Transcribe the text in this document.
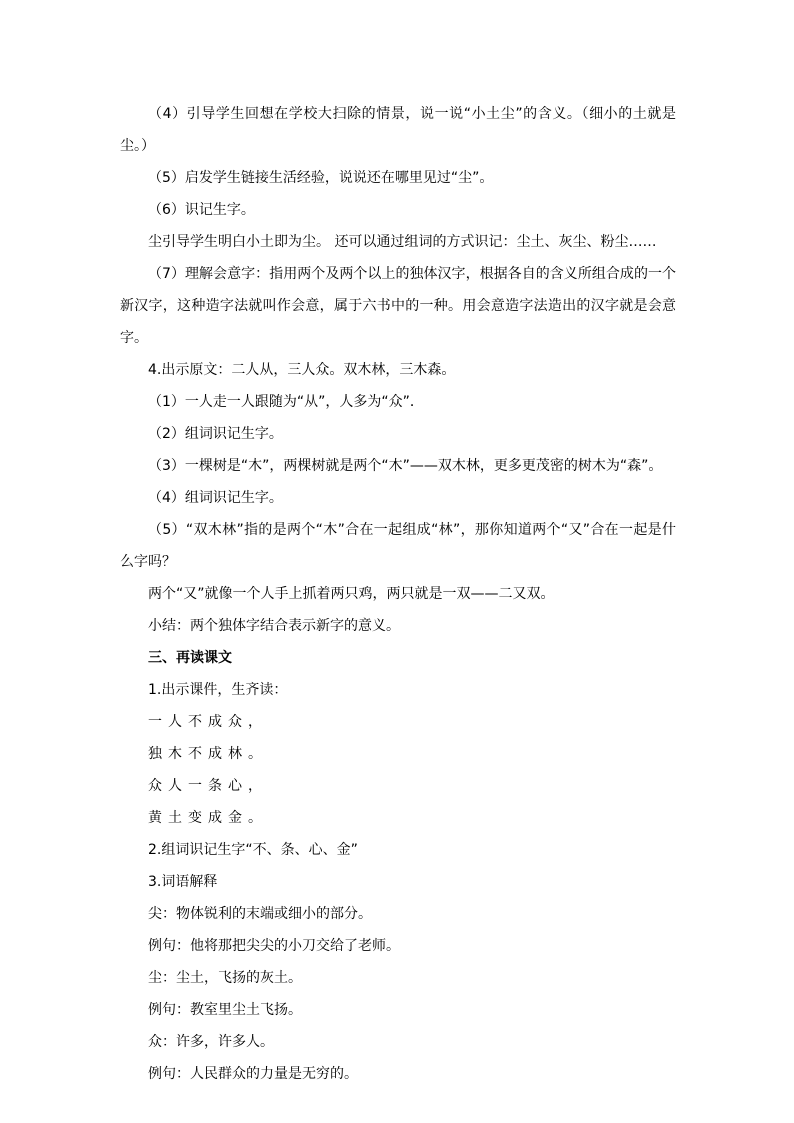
（4）引导学生回想在学校大扫除的情景，说一说“小土尘”的含义。（细小的土就是尘。）

（5）启发学生链接生活经验，说说还在哪里见过“尘”。

（6）识记生字。

尘引导学生明白小土即为尘。 还可以通过组词的方式识记：尘土、灰尘、粉尘……

（7）理解会意字：指用两个及两个以上的独体汉字，根据各自的含义所组合成的一个新汉字，这种造字法就叫作会意，属于六书中的一种。用会意造字法造出的汉字就是会意字。

4.出示原文：二人从，三人众。双木林，三木森。

（1）一人走一人跟随为“从”，人多为“众”．

（2）组词识记生字。

（3）一棵树是“木”，两棵树就是两个“木”——双木林，更多更茂密的树木为“森”。

（4）组词识记生字。

（5）“双木林”指的是两个“木”合在一起组成“林”，那你知道两个“又”合在一起是什么字吗？

两个“又”就像一个人手上抓着两只鸡，两只就是一双——二又双。

小结：两个独体字结合表示新字的意义。

三、再读课文

1.出示课件，生齐读：

一人不成众，

独木不成林。

众人一条心，

黄土变成金。

2.组词识记生字“不、条、心、金”

3.词语解释

尖：物体锐利的末端或细小的部分。

例句：他将那把尖尖的小刀交给了老师。

尘：尘土，飞扬的灰土。

例句：教室里尘土飞扬。

众：许多，许多人。

例句：人民群众的力量是无穷的。
